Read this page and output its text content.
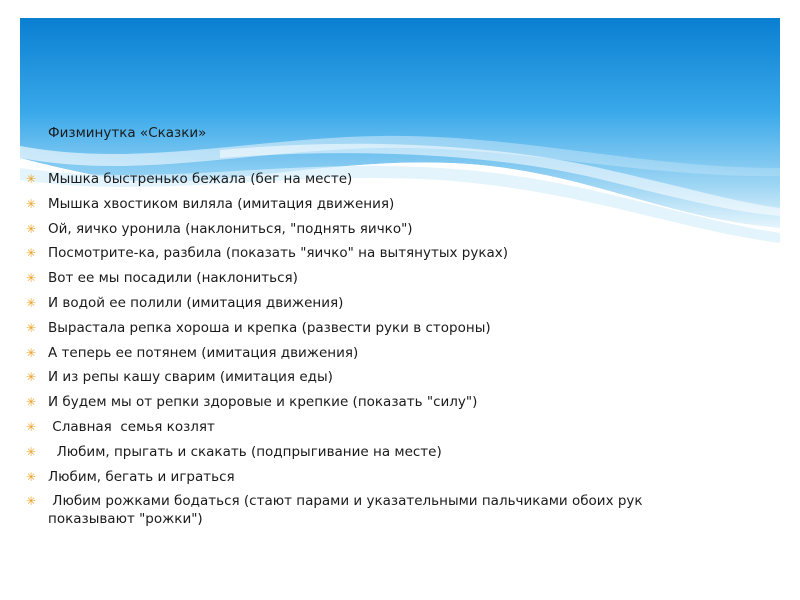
Физминутка «Сказки»
✳ Мышка быстренько бежала (бег на месте)
✳ Мышка хвостиком виляла (имитация движения)
✳ Ой, яичко уронила (наклониться, "поднять яичко")
✳ Посмотрите-ка, разбила (показать "яичко" на вытянутых руках)
✳ Вот ее мы посадили (наклониться)
✳ И водой ее полили (имитация движения)
✳ Вырастала репка хороша и крепка (развести руки в стороны)
✳ А теперь ее потянем (имитация движения)
✳ И из репы кашу сварим (имитация еды)
✳ И будем мы от репки здоровые и крепкие (показать "силу")
✳ Славная  семья козлят
✳ Любим, прыгать и скакать (подпрыгивание на месте)
✳ Любим, бегать и играться
✳ Любим рожками бодаться (стают парами и указательными пальчиками обоих рук показывают "рожки")
